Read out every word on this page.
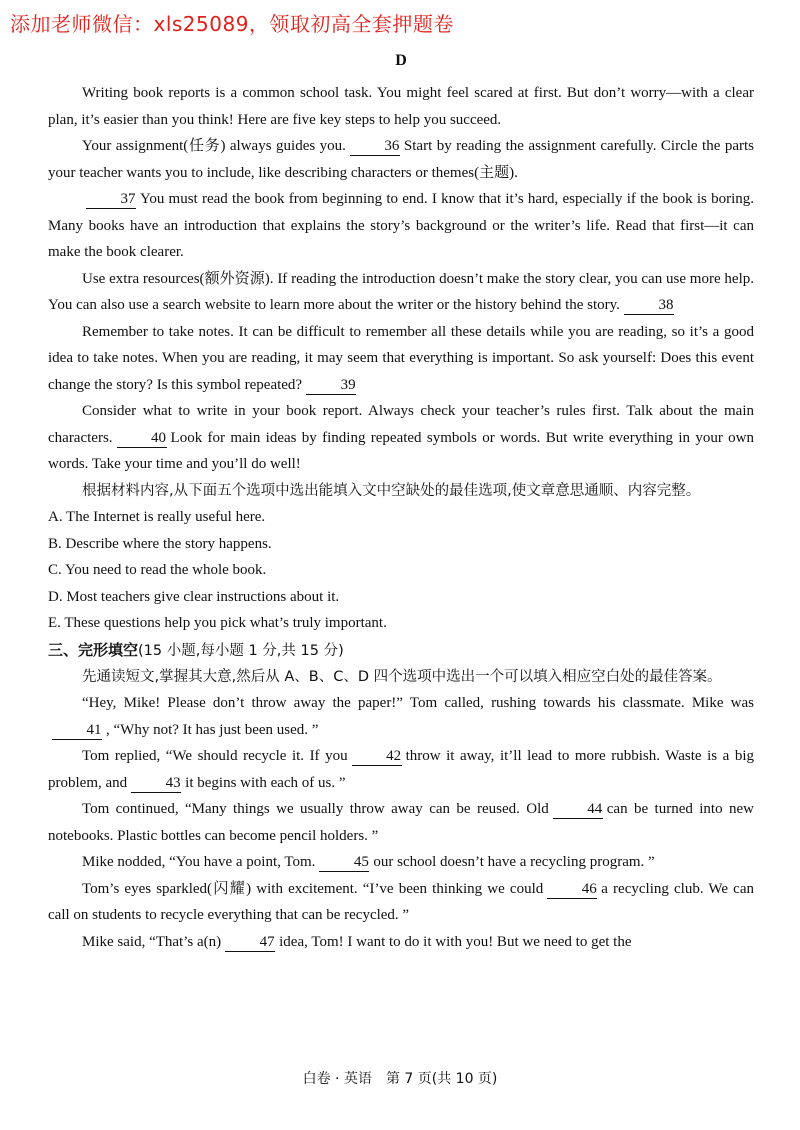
添加老师微信：xls25089，领取初高全套押题卷
D

Writing book reports is a common school task. You might feel scared at first. But don’t worry—with a clear plan, it’s easier than you think! Here are five key steps to help you succeed.

Your assignment(任务) always guides you.	36 Start by reading the assignment carefully. Circle the parts your teacher wants you to include, like describing characters or themes(主题).

37 You must read the book from beginning to end. I know that it’s hard, especially if the book is boring. Many books have an introduction that explains the story’s background or the writer’s life. Read that first—it can make the book clearer.

Use extra resources(额外资源). If reading the introduction doesn’t make the story clear, you can use more help. You can also use a search website to learn more about the writer or the history behind the story.	38

Remember to take notes. It can be difficult to remember all these details while you are reading, so it’s a good idea to take notes. When you are reading, it may seem that everything is important. So ask yourself: Does this event change the story? Is this symbol repeated?	39

Consider what to write in your book report. Always check your teacher’s rules first. Talk about the main characters.	40 Look for main ideas by finding repeated symbols or words. But write everything in your own words. Take your time and you’ll do well!

根据材料内容,从下面五个选项中选出能填入文中空缺处的最佳选项,使文章意思通顺、内容完整。

A. The Internet is really useful here.
B. Describe where the story happens.
C. You need to read the whole book.
D. Most teachers give clear instructions about it.
E. These questions help you pick what’s truly important.
三、完形填空(15 小题,每小题 1 分,共 15 分)

先通读短文,掌握其大意,然后从 A、B、C、D 四个选项中选出一个可以填入相应空白处的最佳答案。

“Hey, Mike! Please don’t throw away the paper!” Tom called, rushing towards his classmate. Mike was41 , “Why not? It has just been used. ”

Tom replied, “We should recycle it. If you	42 throw it away, it’ll lead to more rubbish. Waste is a big problem, and	43 it begins with each of us. ”

Tom continued, “Many things we usually throw away can be reused. Old	44 can be turned into new notebooks. Plastic bottles can become pencil holders. ”

Mike nodded, “You have a point, Tom.	45 our school doesn’t have a recycling program. ”

Tom’s eyes sparkled(闪耀) with excitement. “I’ve been thinking we could	46 a recycling club. We can call on students to recycle everything that can be recycled. ”

Mike said, “That’s a(n)	47 idea, Tom! I want to do it with you! But we need to get the

白卷 · 英语　第 7 页(共 10 页)
